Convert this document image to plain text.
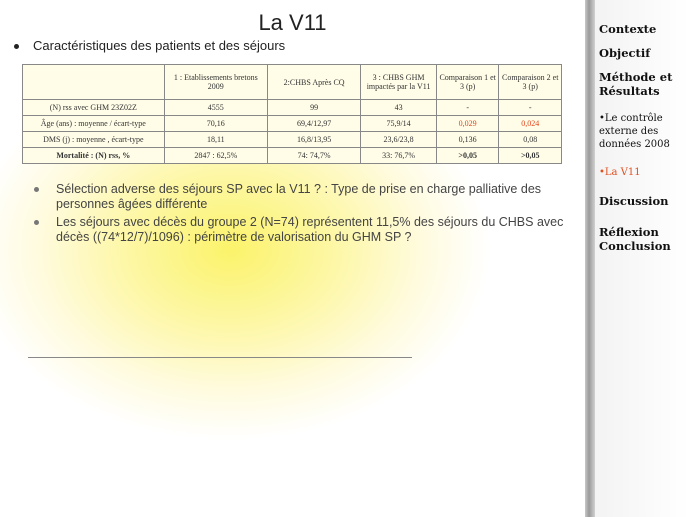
La V11
Caractéristiques des patients et des séjours
	1 : Etablissements bretons 2009	2:CHBS Après CQ	3 : CHBS GHM impactés par la V11	Comparaison 1 et 3 (p)	Comparaison 2 et 3 (p)
(N) rss avec GHM 23Z02Z	4555	99	43	-	-
Âge (ans) : moyenne / écart-type	70,16	69,4/12,97	75,9/14	0,029	0,024
DMS (j) : moyenne , écart-type	18,11	16,8/13,95	23,6/23,8	0,136	0,08
Mortalité : (N) rss, %	2847 : 62,5%	74: 74,7%	33: 76,7%	>0,05	>0,05
Sélection adverse des séjours SP avec la V11 ? : Type de prise en charge palliative des personnes âgées différente
Les séjours avec décès du groupe 2 (N=74) représentent 11,5% des séjours du CHBS avec décès ((74*12/7)/1096) : périmètre de valorisation du GHM SP ?
Contexte
Objectif
Méthode et Résultats
•Le contrôle externe des données 2008
•La V11
Discussion
Réflexion Conclusion
